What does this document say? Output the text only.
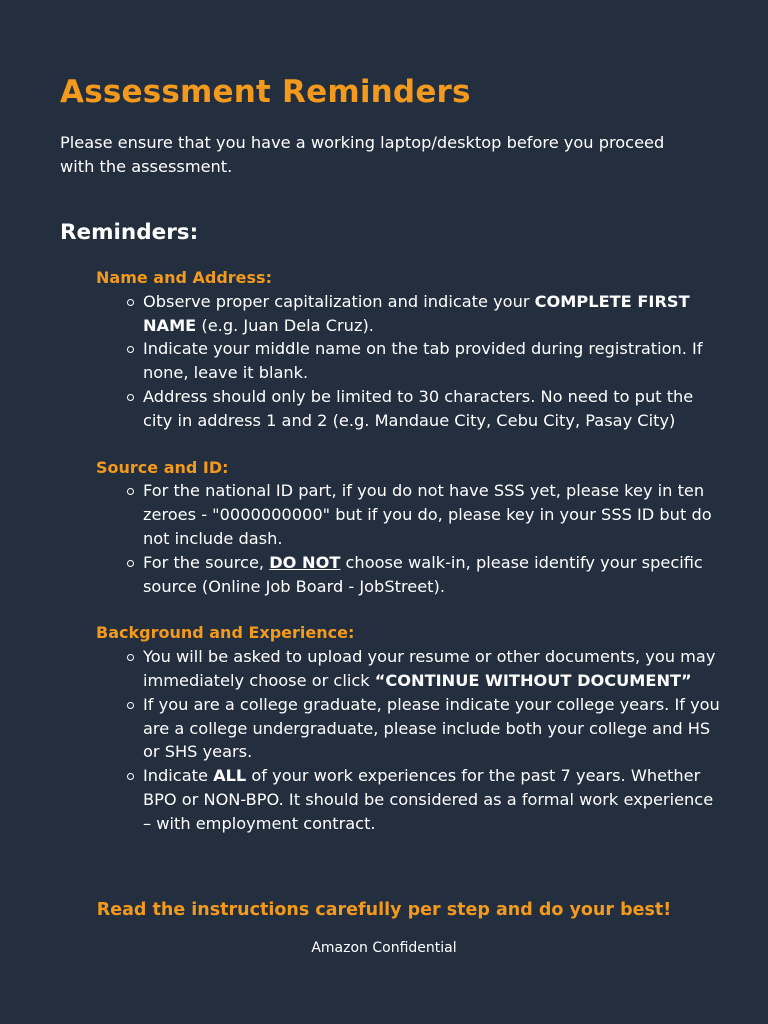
Assessment Reminders

Please ensure that you have a working laptop/desktop before you proceed with the assessment.

Reminders:

Name and Address:

Observe proper capitalization and indicate your COMPLETE FIRST NAME (e.g. Juan Dela Cruz).
Indicate your middle name on the tab provided during registration. If none, leave it blank.
Address should only be limited to 30 characters. No need to put the city in address 1 and 2 (e.g. Mandaue City, Cebu City, Pasay City)

Source and ID:

For the national ID part, if you do not have SSS yet, please key in ten zeroes - "0000000000" but if you do, please key in your SSS ID but do not include dash.
For the source, DO NOT choose walk-in, please identify your specific source (Online Job Board - JobStreet).

Background and Experience:

You will be asked to upload your resume or other documents, you may immediately choose or click “CONTINUE WITHOUT DOCUMENT”
If you are a college graduate, please indicate your college years. If you are a college undergraduate, please include both your college and HS or SHS years.
Indicate ALL of your work experiences for the past 7 years. Whether BPO or NON-BPO. It should be considered as a formal work experience – with employment contract.

Read the instructions carefully per step and do your best!

Amazon Confidential
